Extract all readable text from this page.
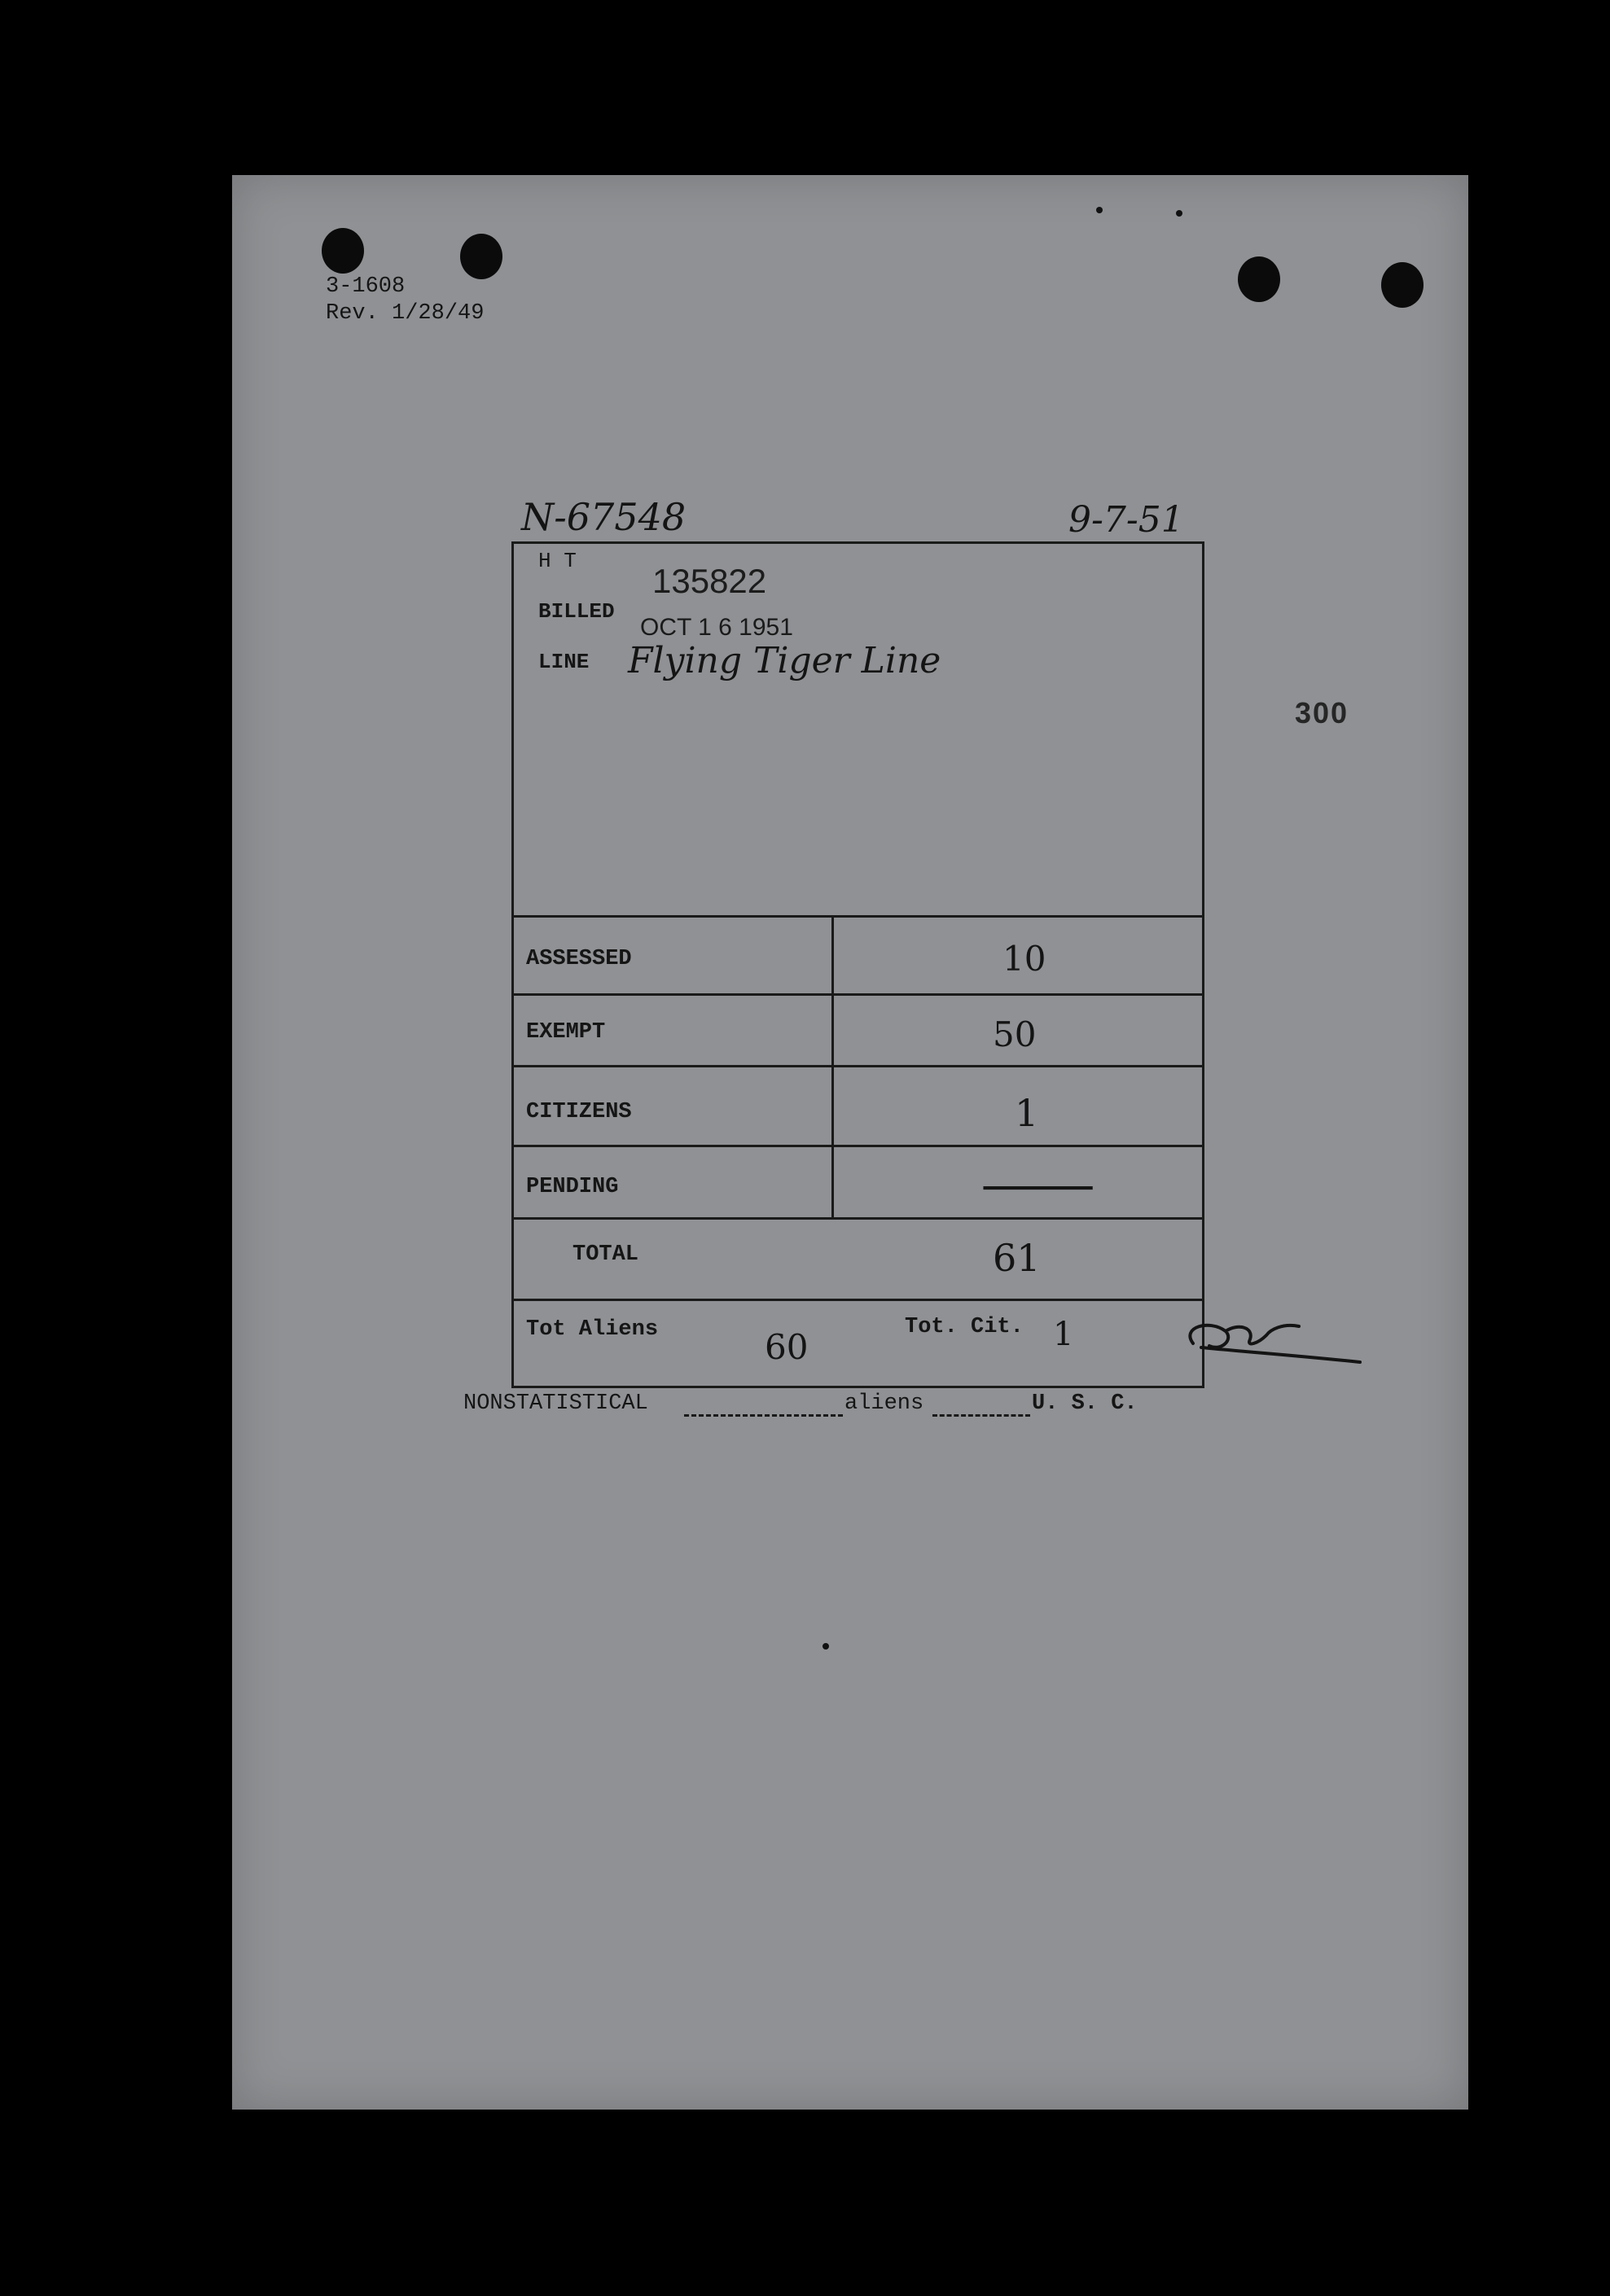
3-1608
Rev. 1/28/49
N-67548	9-7-51
300
H T
135822
BILLED
OCT 1 6 1951
LINE Flying Tiger Line
ASSESSED	10
EXEMPT	50
CITIZENS	1
PENDING	—
TOTAL	61
Tot Aliens	60	Tot. Cit. 1
NONSTATISTICAL	aliens	U. S. C.
